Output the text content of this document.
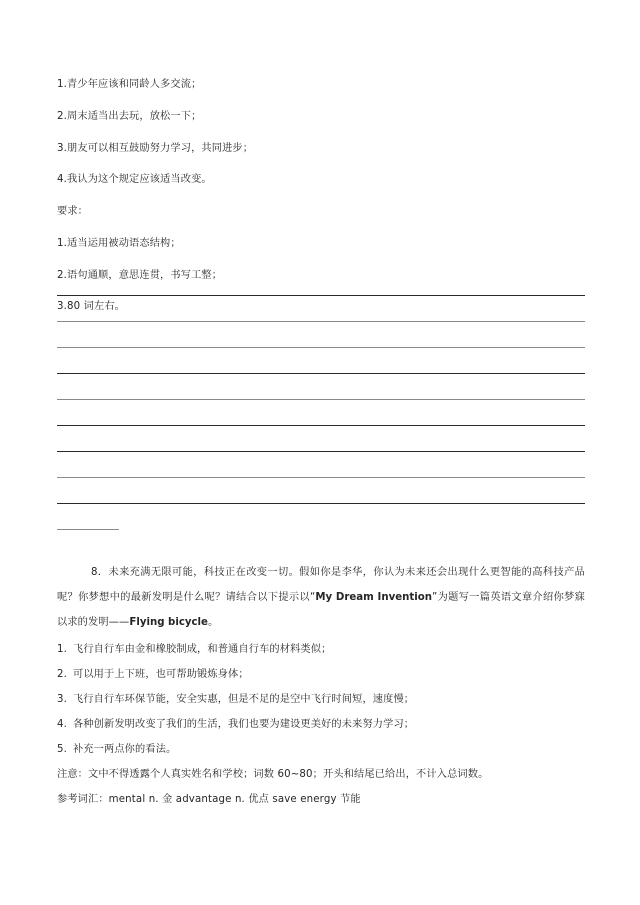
1.青少年应该和同龄人多交流；
2.周末适当出去玩，放松一下；
3.朋友可以相互鼓励努力学习，共同进步；
4.我认为这个规定应该适当改变。
要求：
1.适当运用被动语态结构；
2.语句通顺，意思连贯，书写工整；
3.80 词左右。
8．未来充满无限可能，科技正在改变一切。假如你是李华，你认为未来还会出现什么更智能的高科技产品呢？你梦想中的最新发明是什么呢？请结合以下提示以“My Dream Invention”为题写一篇英语文章介绍你梦寐以求的发明——Flying bicycle。
1. 飞行自行车由金和橡胶制成，和普通自行车的材料类似；
2. 可以用于上下班，也可帮助锻炼身体；
3. 飞行自行车环保节能，安全实惠，但是不足的是空中飞行时间短，速度慢；
4. 各种创新发明改变了我们的生活，我们也要为建设更美好的未来努力学习；
5. 补充一两点你的看法。
注意：文中不得透露个人真实姓名和学校；词数 60~80；开头和结尾已给出，不计入总词数。
参考词汇：mental n. 金 advantage n. 优点 save energy 节能
